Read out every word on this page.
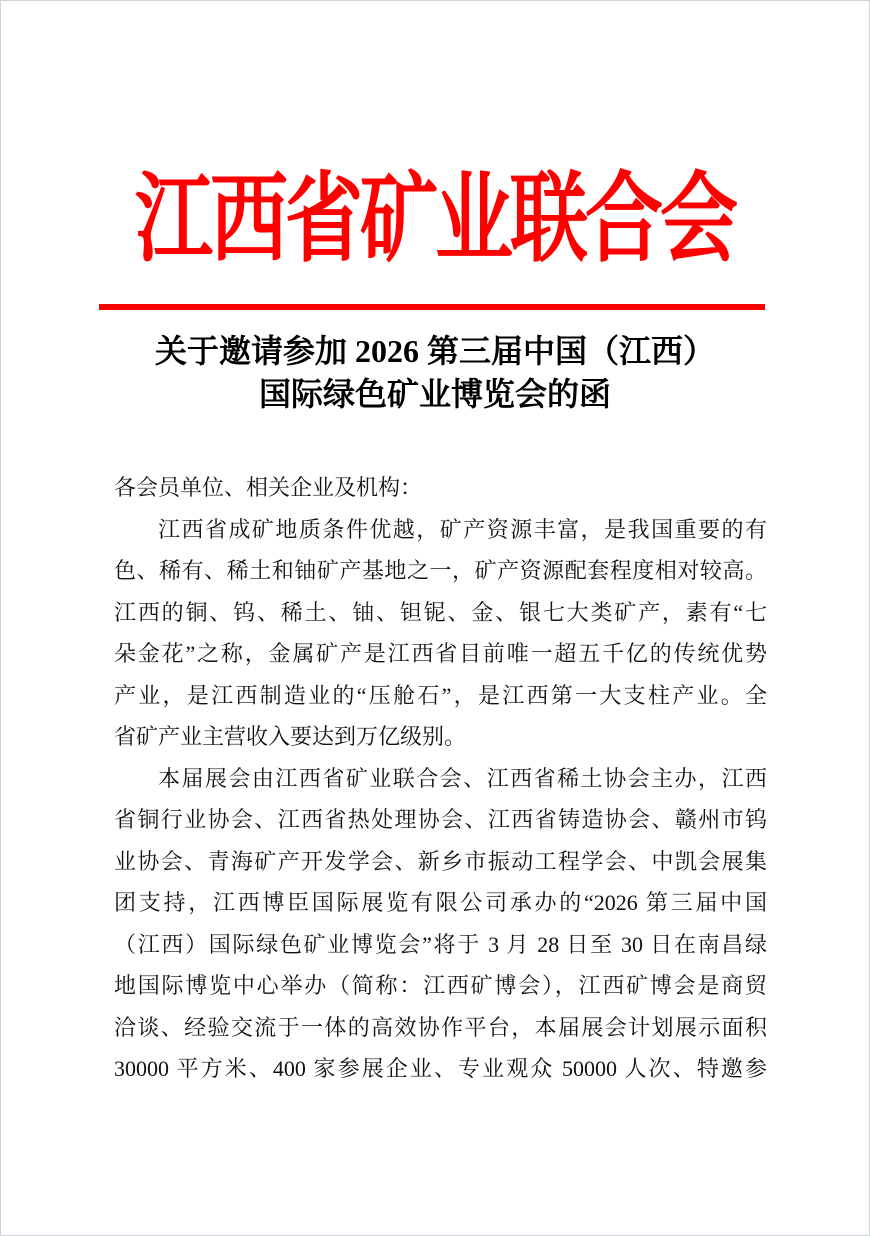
江西省矿业联合会
关于邀请参加 2026 第三届中国（江西）
国际绿色矿业博览会的函
各会员单位、相关企业及机构：
江西省成矿地质条件优越，矿产资源丰富，是我国重要的有
色、稀有、稀土和铀矿产基地之一，矿产资源配套程度相对较高。
江西的铜、钨、稀土、铀、钽铌、金、银七大类矿产，素有“七
朵金花”之称，金属矿产是江西省目前唯一超五千亿的传统优势
产业，是江西制造业的“压舱石”，是江西第一大支柱产业。全
省矿产业主营收入要达到万亿级别。
本届展会由江西省矿业联合会、江西省稀土协会主办，江西
省铜行业协会、江西省热处理协会、江西省铸造协会、赣州市钨
业协会、青海矿产开发学会、新乡市振动工程学会、中凯会展集
团支持，江西博臣国际展览有限公司承办的“2026 第三届中国
（江西）国际绿色矿业博览会”将于 3 月 28 日至 30 日在南昌绿
地国际博览中心举办（简称：江西矿博会），江西矿博会是商贸
洽谈、经验交流于一体的高效协作平台，本届展会计划展示面积
30000 平方米、400 家参展企业、专业观众 50000 人次、特邀参
